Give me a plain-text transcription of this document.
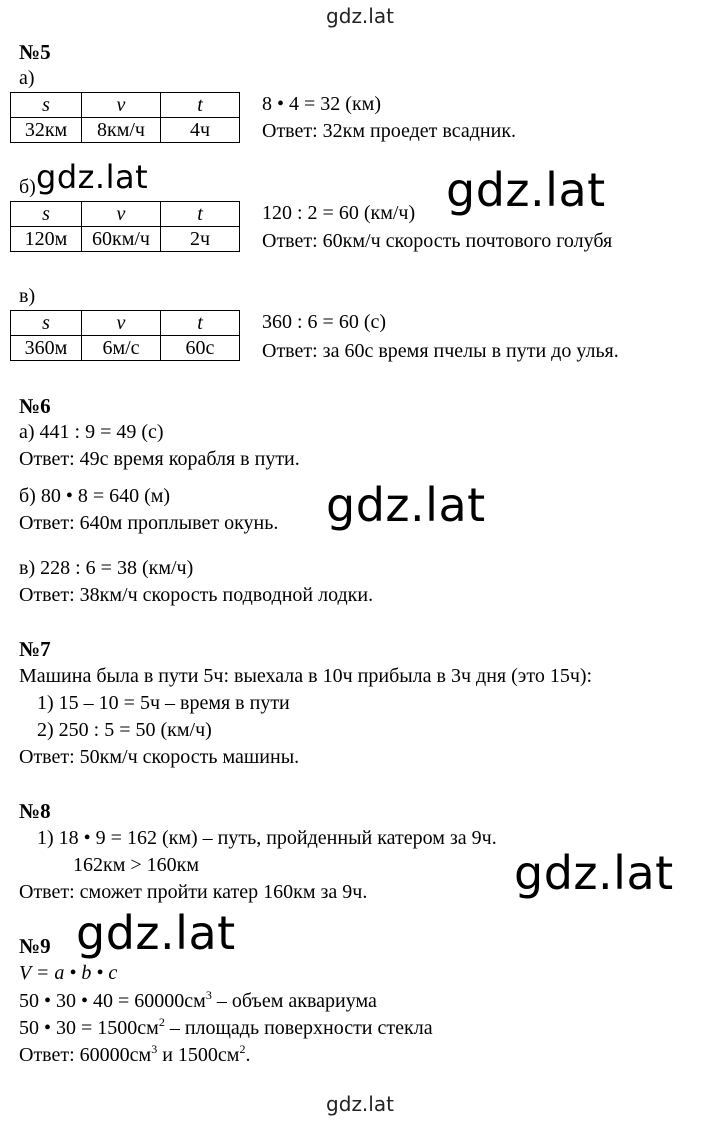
gdz.lat
№5
а)
s	v	t
32км	8км/ч	4ч
8 • 4 = 32 (км)
Ответ: 32км проедет всадник.
б)
s	v	t
120м	60км/ч	2ч
120 : 2 = 60 (км/ч)
Ответ: 60км/ч скорость почтового голубя
в)
s	v	t
360м	6м/с	60с
360 : 6 = 60 (с)
Ответ: за 60с время пчелы в пути до улья.
№6
а) 441 : 9 = 49 (с)
Ответ: 49с время корабля в пути.
б) 80 • 8 = 640 (м)
Ответ: 640м проплывет окунь.
в) 228 : 6 = 38 (км/ч)
Ответ: 38км/ч скорость подводной лодки.
№7
Машина была в пути 5ч: выехала в 10ч прибыла в 3ч дня (это 15ч):
1) 15 – 10 = 5ч – время в пути
2) 250 : 5 = 50 (км/ч)
Ответ: 50км/ч скорость машины.
№8
1) 18 • 9 = 162 (км) – путь, пройденный катером за 9ч.
162км > 160км
Ответ: сможет пройти катер 160км за 9ч.
№9
V = a • b • c
50 • 30 • $40 = 60000см^3$ – объем аквариума
50 • $30 = 1500см^2$ – площадь поверхности стекла
Ответ: $60000см^3$ и $1500см^2$.
gdz.lat	gdz.lat
gdz.lat
gdz.lat
gdz.lat
gdz.lat
